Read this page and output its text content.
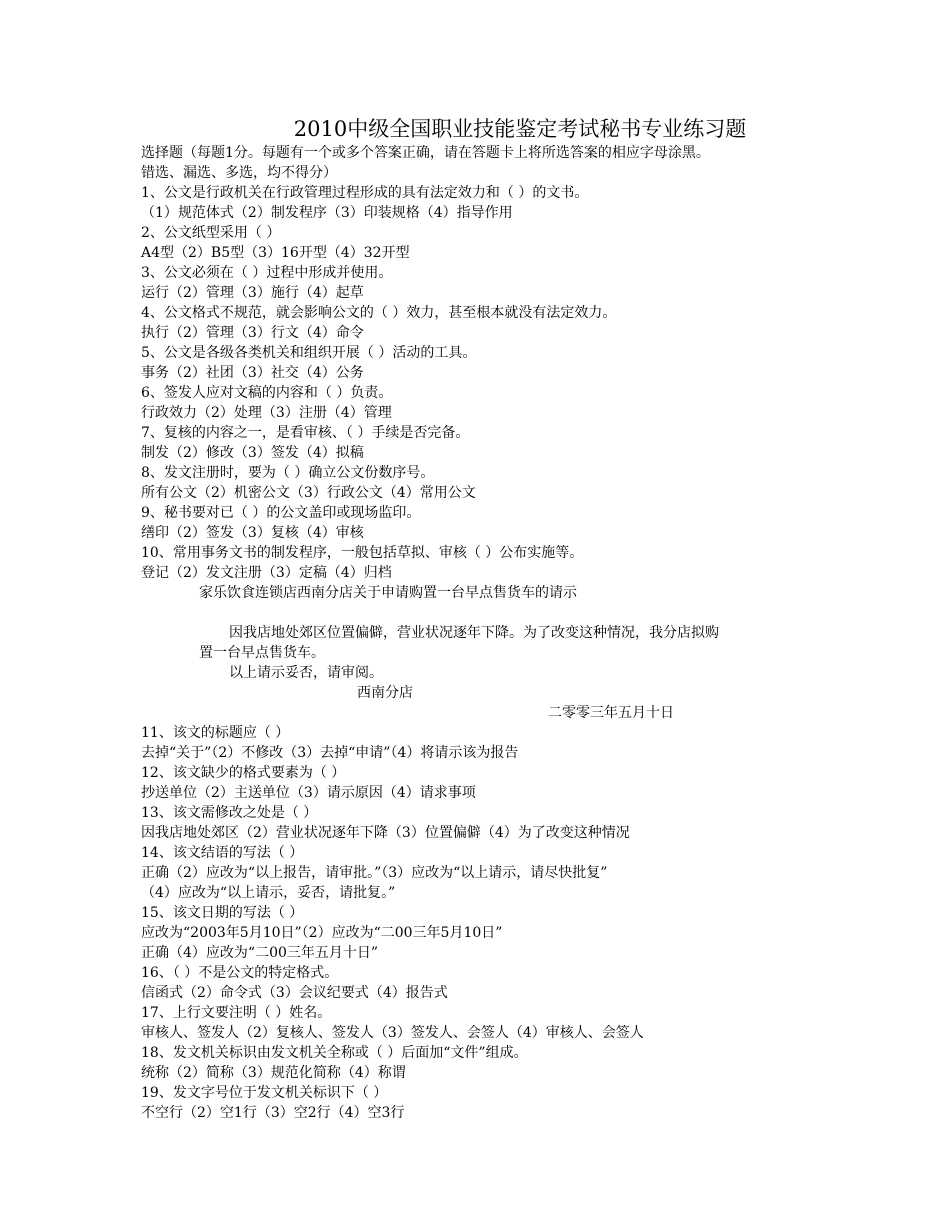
2010中级全国职业技能鉴定考试秘书专业练习题
选择题（每题1分。每题有一个或多个答案正确，请在答题卡上将所选答案的相应字母涂黑。
错选、漏选、多选，均不得分）
1、公文是行政机关在行政管理过程形成的具有法定效力和（ ）的文书。
（1）规范体式（2）制发程序（3）印装规格（4）指导作用
2、公文纸型采用（ ）
A4型（2）B5型（3）16开型（4）32开型
3、公文必须在（ ）过程中形成并使用。
运行（2）管理（3）施行（4）起草
4、公文格式不规范，就会影响公文的（ ）效力，甚至根本就没有法定效力。
执行（2）管理（3）行文（4）命令
5、公文是各级各类机关和组织开展（ ）活动的工具。
事务（2）社团（3）社交（4）公务
6、签发人应对文稿的内容和（ ）负责。
行政效力（2）处理（3）注册（4）管理
7、复核的内容之一，是看审核、（ ）手续是否完备。
制发（2）修改（3）签发（4）拟稿
8、发文注册时，要为（ ）确立公文份数序号。
所有公文（2）机密公文（3）行政公文（4）常用公文
9、秘书要对已（ ）的公文盖印或现场监印。
缮印（2）签发（3）复核（4）审核
10、常用事务文书的制发程序，一般包括草拟、审核（ ）公布实施等。
登记（2）发文注册（3）定稿（4）归档
家乐饮食连锁店西南分店关于申请购置一台早点售货车的请示
因我店地处郊区位置偏僻，营业状况逐年下降。为了改变这种情况，我分店拟购
置一台早点售货车。
以上请示妥否，请审阅。
西南分店
二零零三年五月十日
11、该文的标题应（ ）
去掉“关于”（2）不修改（3）去掉“申请”（4）将请示该为报告
12、该文缺少的格式要素为（ ）
抄送单位（2）主送单位（3）请示原因（4）请求事项
13、该文需修改之处是（ ）
因我店地处郊区（2）营业状况逐年下降（3）位置偏僻（4）为了改变这种情况
14、该文结语的写法（ ）
正确（2）应改为“以上报告，请审批。”（3）应改为“以上请示，请尽快批复”
（4）应改为“以上请示，妥否，请批复。”
15、该文日期的写法（ ）
应改为“2003年5月10日”（2）应改为“二00三年5月10日”
正确（4）应改为“二00三年五月十日”
16、（ ）不是公文的特定格式。
信函式（2）命令式（3）会议纪要式（4）报告式
17、上行文要注明（ ）姓名。
审核人、签发人（2）复核人、签发人（3）签发人、会签人（4）审核人、会签人
18、发文机关标识由发文机关全称或（ ）后面加“文件”组成。
统称（2）简称（3）规范化简称（4）称谓
19、发文字号位于发文机关标识下（ ）
不空行（2）空1行（3）空2行（4）空3行
